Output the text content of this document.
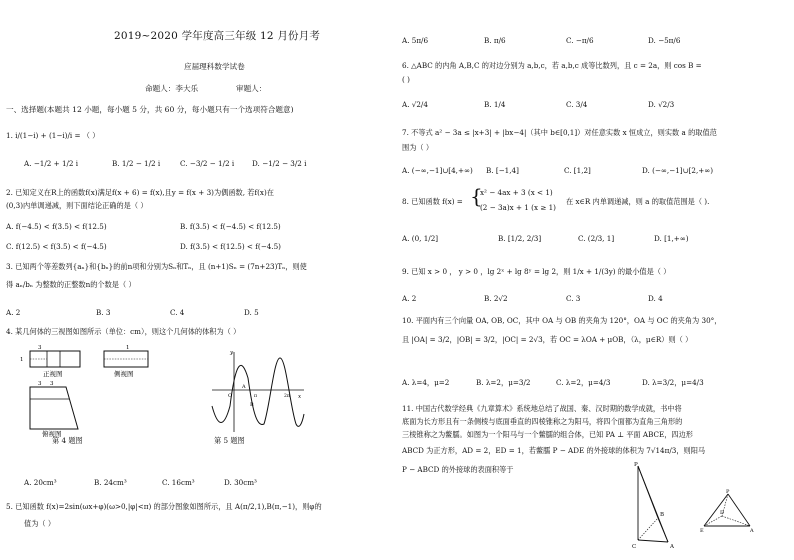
2019~2020 学年度高三年级 12 月份月考
应届理科数学试卷
命题人：李大乐	审题人：
一、选择题(本题共 12 小题，每小题 5 分，共 60 分，每小题只有一个选项符合题意)
1. i/(1−i) + (1−i)/i = （ ）
A. −1/2 + 1/2 i	B. 1/2 − 1/2 i	C. −3/2 − 1/2 i	D. −1/2 − 3/2 i
2. 已知定义在R上的函数f(x)满足f(x + 6) = f(x),且y = f(x + 3)为偶函数, 若f(x)在
(0,3)内单调递减，则下面结论正确的是（ ）
A. f(−4.5) < f(3.5) < f(12.5)	B. f(3.5) < f(−4.5) < f(12.5)
C. f(12.5) < f(3.5) < f(−4.5)	D. f(3.5) < f(12.5) < f(−4.5)
3. 已知两个等差数列{aₙ}和{bₙ}的前n项和分别为Sₙ和Tₙ，且 (n+1)Sₙ = (7n+23)Tₙ，则使
得 aₙ/bₙ 为整数的正整数n的个数是（ ）
A. 2	B. 3	C. 4	D. 5
4. 某几何体的三视图如图所示（单位：cm），则这个几何体的体积为（ ）
正视图
3
1
侧视图
1
3 3
俯视图
y
x
O
A
B
π	2π
第 4 题图	第 5 题图
A. 20cm³	B. 24cm³	C. 16cm³	D. 30cm³
5. 已知函数 f(x)=2sin(ωx+φ)(ω>0,|φ|<π) 的部分图象如图所示，且 A(π/2,1),B(π,−1)，则φ的
值为（ ）
A. 5π/6	B. π/6	C. −π/6	D. −5π/6
6. △ABC 的内角 A,B,C 的对边分别为 a,b,c，若 a,b,c 成等比数列，且 c = 2a，则 cos B =
( )
A. √2/4	B. 1/4	C. 3/4	D. √2/3
7. 不等式 a² − 3a ≤ |x+3| + |bx−4|（其中 b∈[0,1]）对任意实数 x 恒成立，则实数 a 的取值范
围为（ ）
A. (−∞,−1]∪[4,+∞)	B. [−1,4]	C. [1,2]	D. (−∞,−1]∪[2,+∞)
8. 已知函数 f(x) = {
x² − 4ax + 3 (x < 1)
(2 − 3a)x + 1 (x ≥ 1)
在 x∈R 内单调递减，则 a 的取值范围是（ ).
A. (0, 1/2]	B. [1/2, 2/3]	C. (2/3, 1]	D. [1,+∞)
9. 已知 x > 0 ， y > 0 ，lg 2ˣ + lg 8ʸ = lg 2，则 1/x + 1/(3y) 的最小值是（ ）
A. 2	B. 2√2	C. 3	D. 4
10. 平面内有三个向量 OA, OB, OC，其中 OA 与 OB 的夹角为 120°，OA 与 OC 的夹角为 30°，
且 |OA| = 3/2，|OB| = 3/2，|OC| = 2√3，若 OC = λOA + μOB，（λ，μ∈R）则（ ）
A. λ=4，μ=2	B. λ=2，μ=3/2	C. λ=2，μ=4/3	D. λ=3/2，μ=4/3
11. 中国古代数学经典《九章算术》系统地总结了战国、秦、汉时期的数学成就，书中将
底面为长方形且有一条侧棱与底面垂直的四棱锥称之为阳马，将四个面都为直角三角形的
三棱锥称之为鳖臑。如图为一个阳马与一个鳖臑的组合体，已知 PA ⊥ 平面 ABCE，四边形
ABCD 为正方形，AD = 2，ED = 1，若鳖臑 P − ADE 的外接球的体积为 7√14π/3，则阳马
P − ABCD 的外接球的表面积等于	P
C	A
B
P
D
E	A
